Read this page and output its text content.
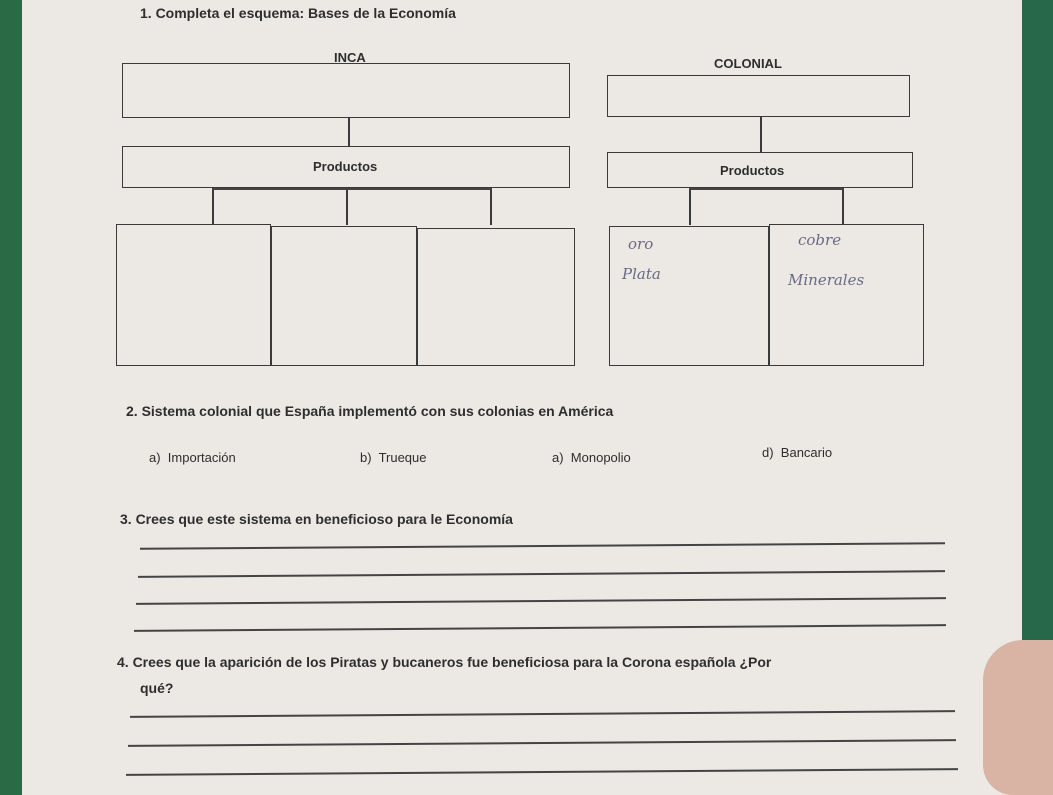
1. Completa el esquema: Bases de la Economía
INCA	COLONIAL
Productos	Productos
oro
Plata
cobre
Minerales
2. Sistema colonial que España implementó con sus colonias en América
a) Importación	b) Trueque	a) Monopolio	d) Bancario
3. Crees que este sistema en beneficioso para le Economía
4. Crees que la aparición de los Piratas y bucaneros fue beneficiosa para la Corona española ¿Por
qué?
